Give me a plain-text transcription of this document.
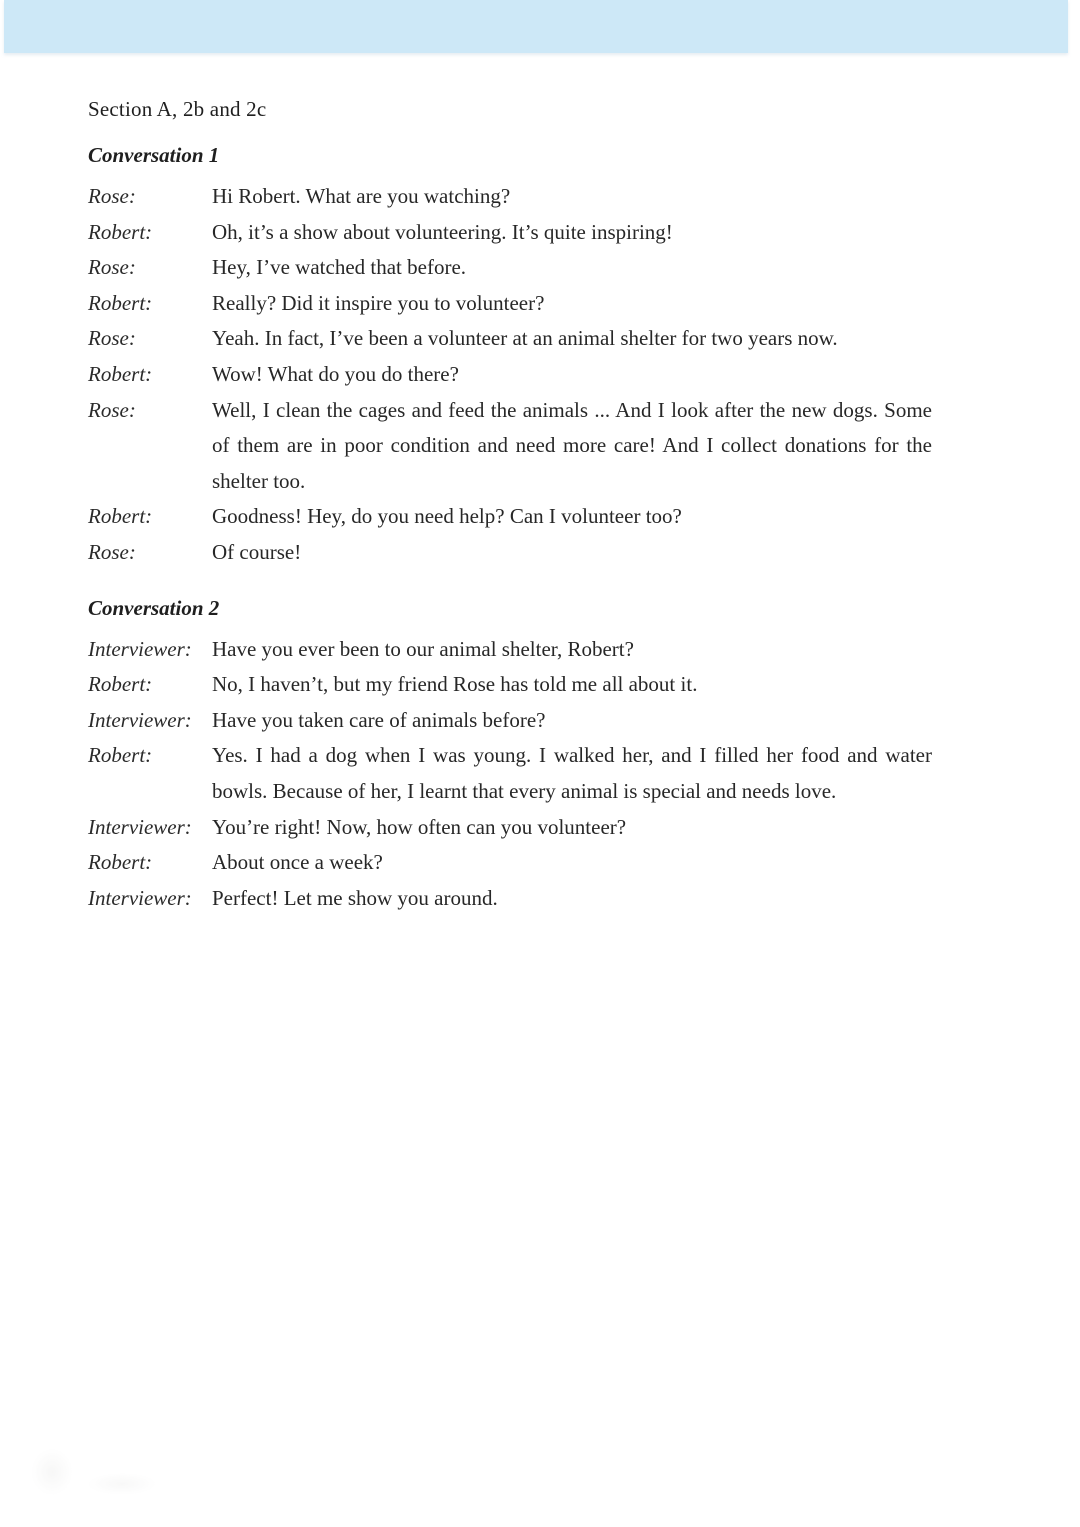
Section A, 2b and 2c
Conversation 1
Rose:	Hi Robert. What are you watching?
Robert:	Oh, it’s a show about volunteering. It’s quite inspiring!
Rose:	Hey, I’ve watched that before.
Robert:	Really? Did it inspire you to volunteer?
Rose:	Yeah. In fact, I’ve been a volunteer at an animal shelter for two years now.
Robert:	Wow! What do you do there?
Rose:	Well, I clean the cages and feed the animals ... And I look after the new dogs. Some of them are in poor condition and need more care! And I collect donations for the shelter too.
Robert:	Goodness! Hey, do you need help? Can I volunteer too?
Rose:	Of course!
Conversation 2
Interviewer: Have you ever been to our animal shelter, Robert?
Robert:	No, I haven’t, but my friend Rose has told me all about it.
Interviewer: Have you taken care of animals before?
Robert:	Yes. I had a dog when I was young. I walked her, and I filled her food and water bowls. Because of her, I learnt that every animal is special and needs love.
Interviewer: You’re right! Now, how often can you volunteer?
Robert:	About once a week?
Interviewer: Perfect! Let me show you around.
